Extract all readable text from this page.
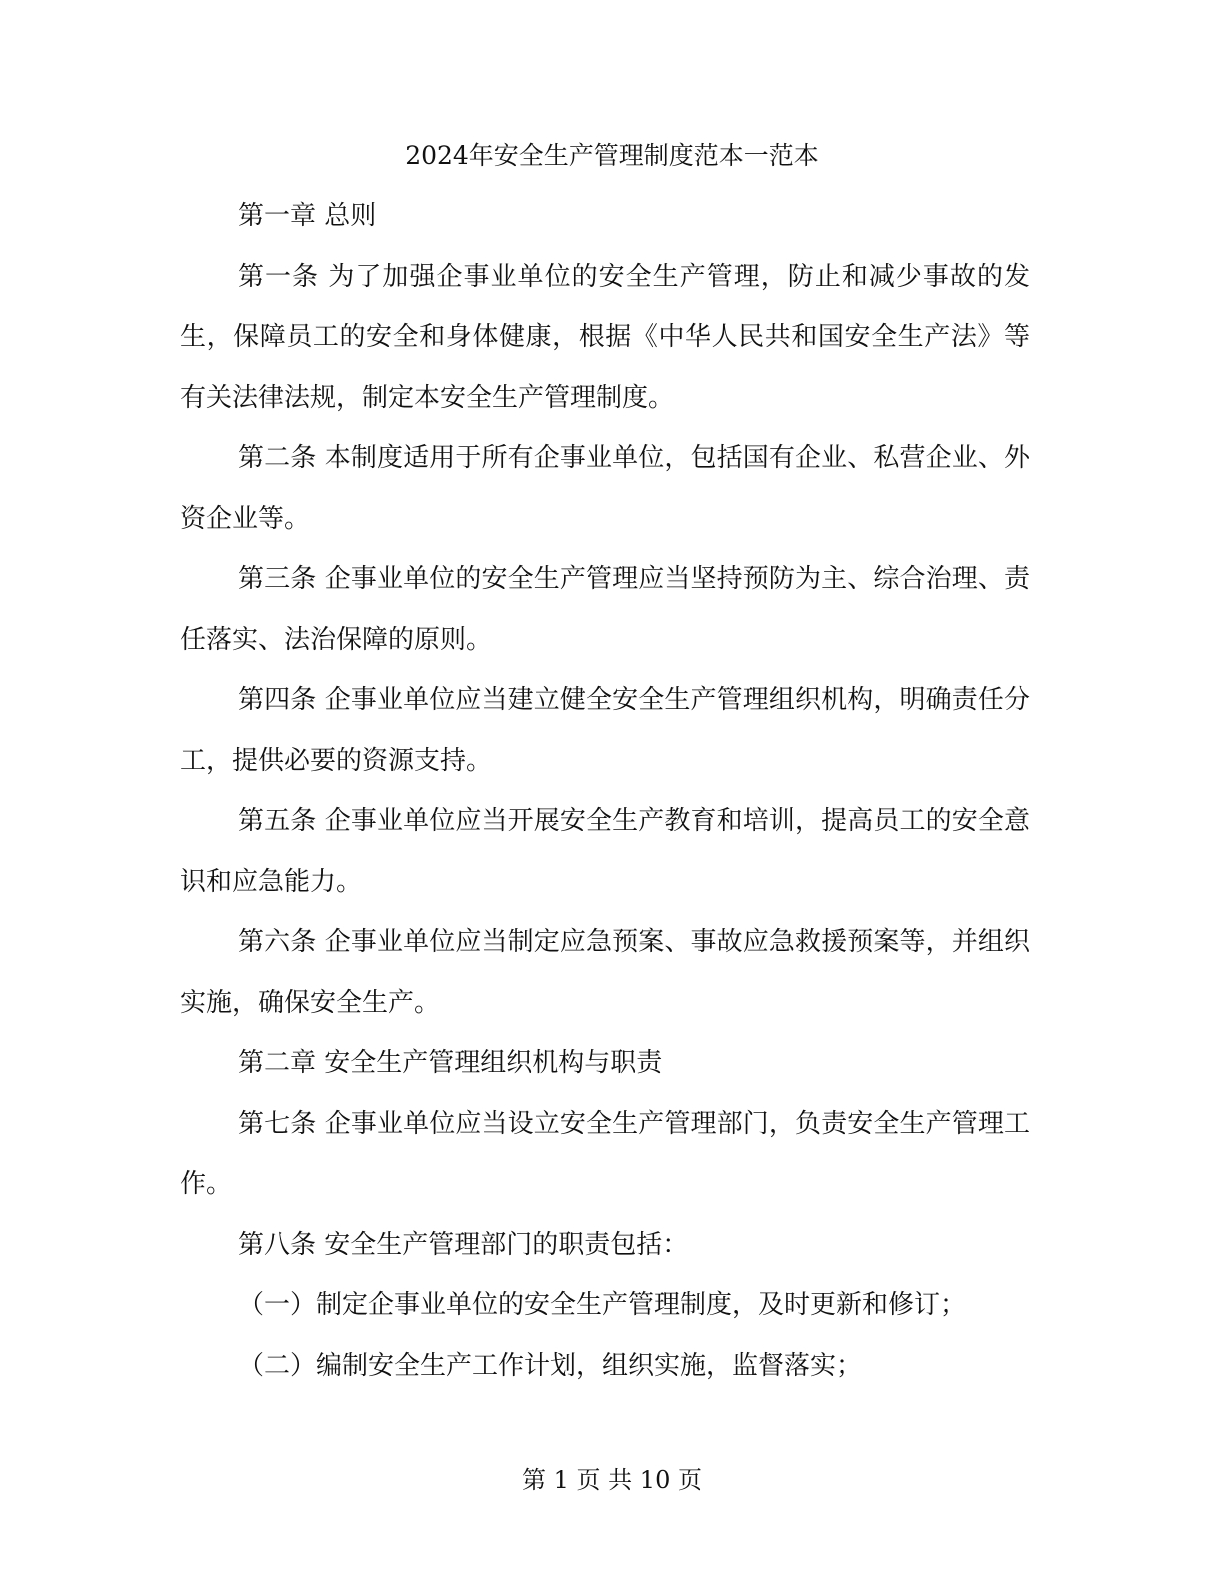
2024年安全生产管理制度范本一范本

第一章 总则

第一条 为了加强企事业单位的安全生产管理，防止和减少事故的发生，保障员工的安全和身体健康，根据《中华人民共和国安全生产法》等有关法律法规，制定本安全生产管理制度。

第二条 本制度适用于所有企事业单位，包括国有企业、私营企业、外资企业等。

第三条 企事业单位的安全生产管理应当坚持预防为主、综合治理、责任落实、法治保障的原则。

第四条 企事业单位应当建立健全安全生产管理组织机构，明确责任分工，提供必要的资源支持。

第五条 企事业单位应当开展安全生产教育和培训，提高员工的安全意识和应急能力。

第六条 企事业单位应当制定应急预案、事故应急救援预案等，并组织实施，确保安全生产。

第二章 安全生产管理组织机构与职责

第七条 企事业单位应当设立安全生产管理部门，负责安全生产管理工作。

第八条 安全生产管理部门的职责包括：

（一）制定企事业单位的安全生产管理制度，及时更新和修订；

（二）编制安全生产工作计划，组织实施，监督落实；

第 1 页 共 10 页
